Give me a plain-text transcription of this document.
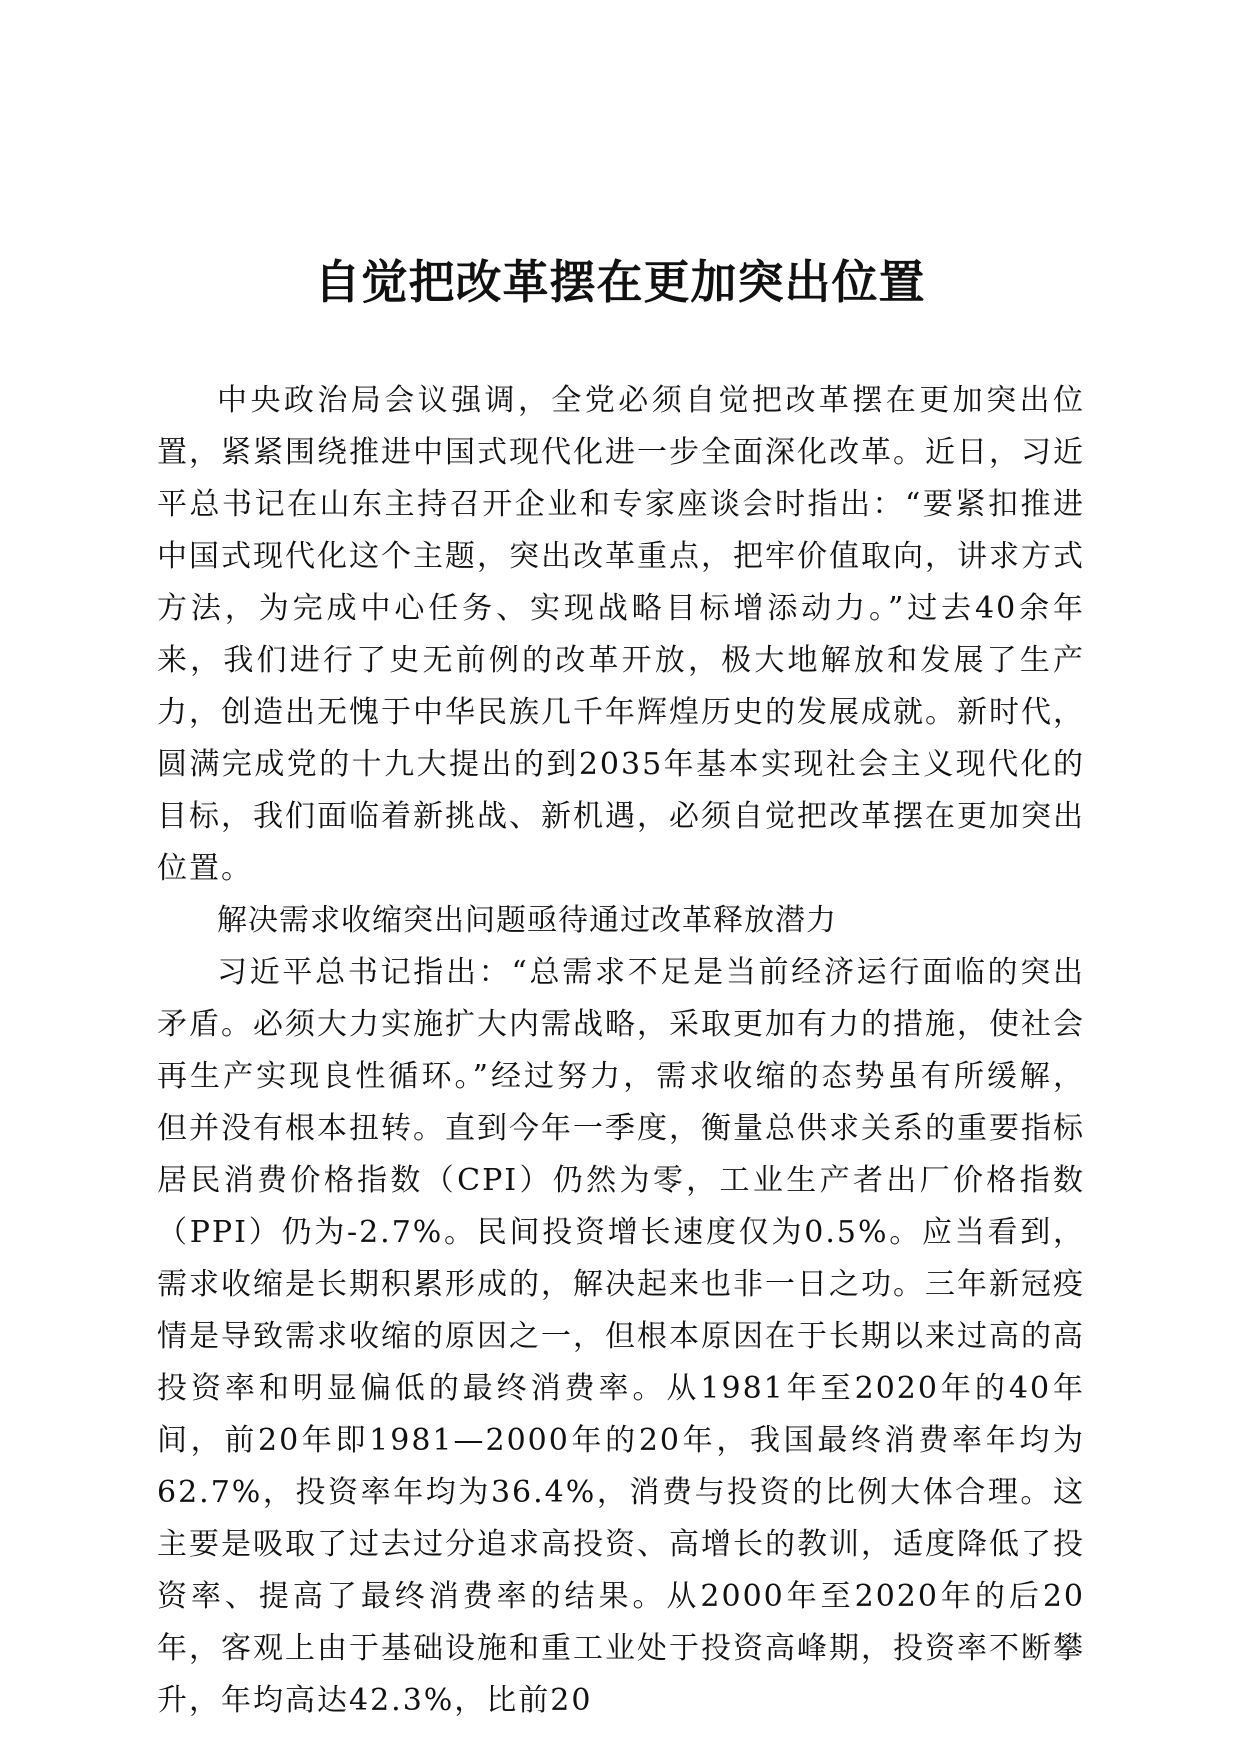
自觉把改革摆在更加突出位置

中央政治局会议强调，全党必须自觉把改革摆在更加突出位置，紧紧围绕推进中国式现代化进一步全面深化改革。近日，习近平总书记在山东主持召开企业和专家座谈会时指出：“要紧扣推进中国式现代化这个主题，突出改革重点，把牢价值取向，讲求方式方法，为完成中心任务、实现战略目标增添动力。”过去40余年来，我们进行了史无前例的改革开放，极大地解放和发展了生产力，创造出无愧于中华民族几千年辉煌历史的发展成就。新时代，圆满完成党的十九大提出的到2035年基本实现社会主义现代化的目标，我们面临着新挑战、新机遇，必须自觉把改革摆在更加突出位置。

解决需求收缩突出问题亟待通过改革释放潜力

习近平总书记指出：“总需求不足是当前经济运行面临的突出矛盾。必须大力实施扩大内需战略，采取更加有力的措施，使社会再生产实现良性循环。”经过努力，需求收缩的态势虽有所缓解，但并没有根本扭转。直到今年一季度，衡量总供求关系的重要指标居民消费价格指数（CPI）仍然为零，工业生产者出厂价格指数（PPI）仍为-2.7%。民间投资增长速度仅为0.5%。应当看到，需求收缩是长期积累形成的，解决起来也非一日之功。三年新冠疫情是导致需求收缩的原因之一，但根本原因在于长期以来过高的高投资率和明显偏低的最终消费率。从1981年至2020年的40年间，前20年即1981—2000年的20年，我国最终消费率年均为62.7%，投资率年均为36.4%，消费与投资的比例大体合理。这主要是吸取了过去过分追求高投资、高增长的教训，适度降低了投资率、提高了最终消费率的结果。从2000年至2020年的后20年，客观上由于基础设施和重工业处于投资高峰期，投资率不断攀升，年均高达42.3%，比前20
